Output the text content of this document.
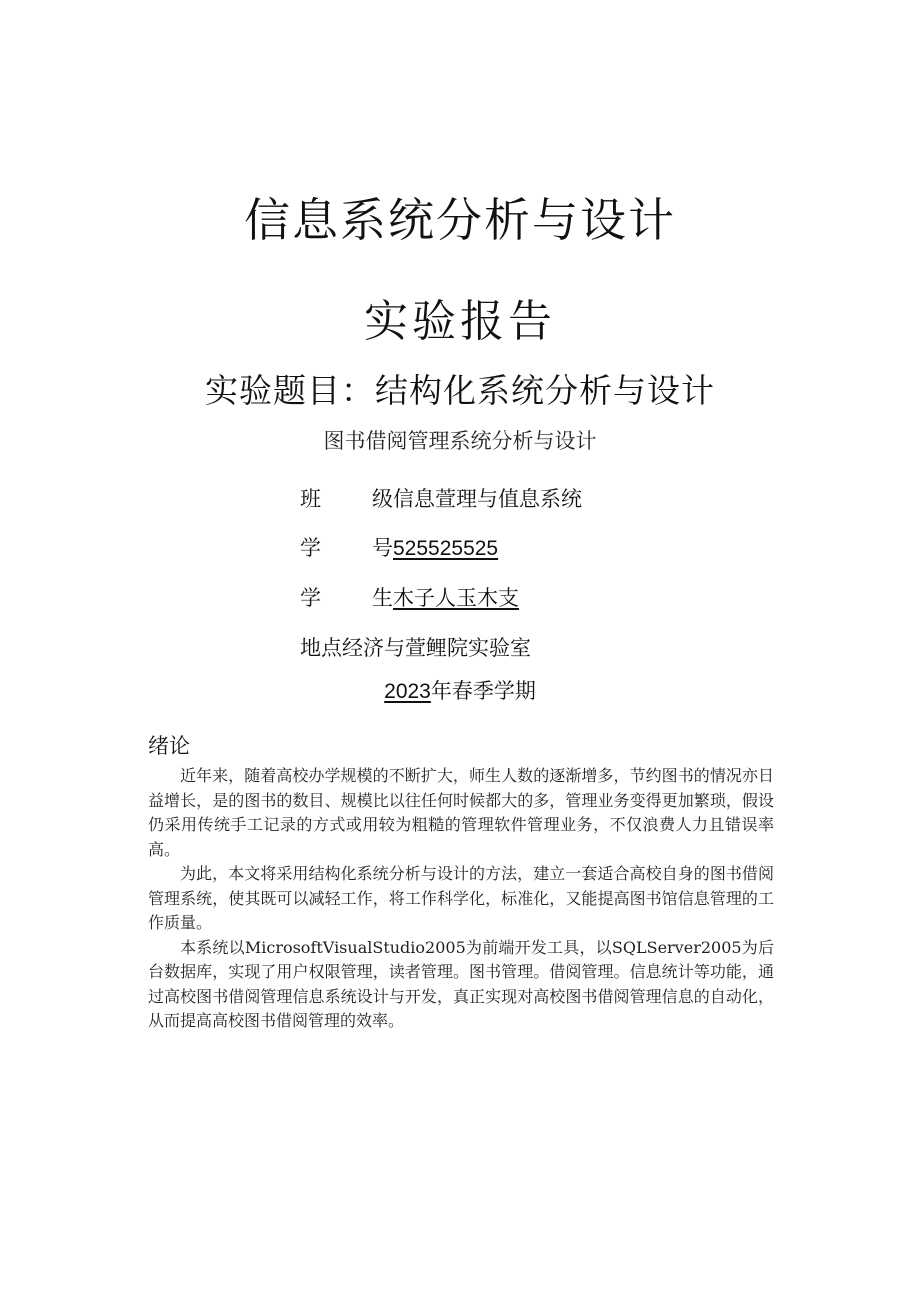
信息系统分析与设计
实验报告
实验题目：结构化系统分析与设计
图书借阅管理系统分析与设计
班 级信息萱理与值息系统
学 号525525525
学 生木子人玉木支
地点经济与萱鲤院实验室
2023年春季学期
绪论

近年来，随着高校办学规模的不断扩大，师生人数的逐渐增多，节约图书的情况亦日益增长，是的图书的数目、规模比以往任何时候都大的多，管理业务变得更加繁琐，假设仍采用传统手工记录的方式或用较为粗糙的管理软件管理业务，不仅浪费人力且错误率高。

为此，本文将采用结构化系统分析与设计的方法，建立一套适合高校自身的图书借阅管理系统，使其既可以减轻工作，将工作科学化，标准化，又能提高图书馆信息管理的工作质量。

本系统以MicrosoftVisualStudio2005为前端开发工具，以SQLServer2005为后台数据库，实现了用户权限管理，读者管理。图书管理。借阅管理。信息统计等功能，通过高校图书借阅管理信息系统设计与开发，真正实现对高校图书借阅管理信息的自动化，从而提高高校图书借阅管理的效率。
